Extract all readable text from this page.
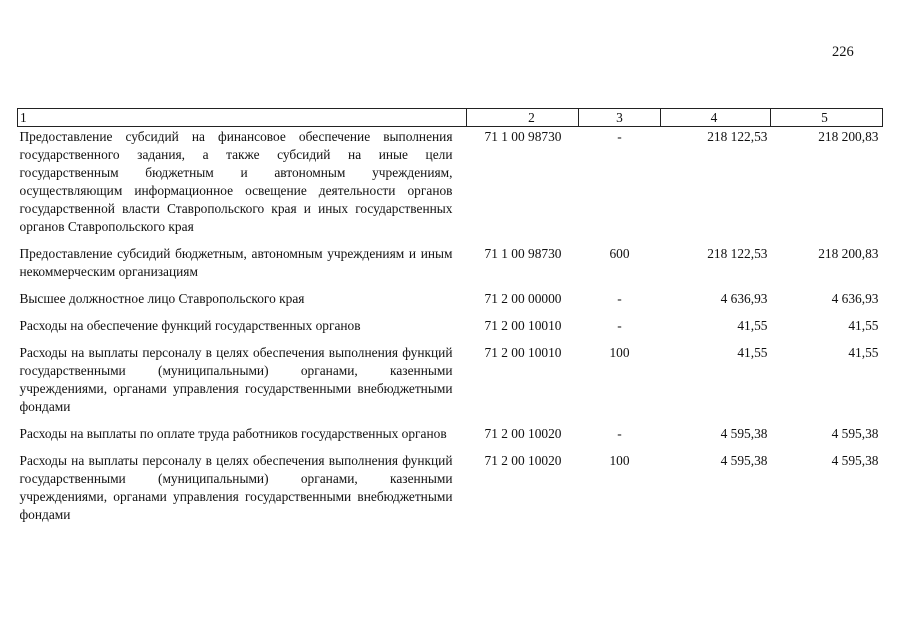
226
1	2	3	4	5
Предоставление субсидий на финансовое обеспечение выполнения государственного задания, а также субсидий на иные цели государственным бюджетным и автономным учреждениям, осуществляющим информационное освещение деятельности органов государственной власти Ставропольского края и иных государственных органов Ставропольского края	71 1 00 98730	-	218 122,53	218 200,83
Предоставление субсидий бюджетным, автономным учреждениям и иным некоммерческим организациям	71 1 00 98730	600	218 122,53	218 200,83
Высшее должностное лицо Ставропольского края	71 2 00 00000	-	4 636,93	4 636,93
Расходы на обеспечение функций государственных органов	71 2 00 10010	-	41,55	41,55
Расходы на выплаты персоналу в целях обеспечения выполнения функций государственными (муниципальными) органами, казенными учреждениями, органами управления государственными внебюджетными фондами	71 2 00 10010	100	41,55	41,55
Расходы на выплаты по оплате труда работников государственных органов	71 2 00 10020	-	4 595,38	4 595,38
Расходы на выплаты персоналу в целях обеспечения выполнения функций государственными (муниципальными) органами, казенными учреждениями, органами управления государственными внебюджетными фондами	71 2 00 10020	100	4 595,38	4 595,38
